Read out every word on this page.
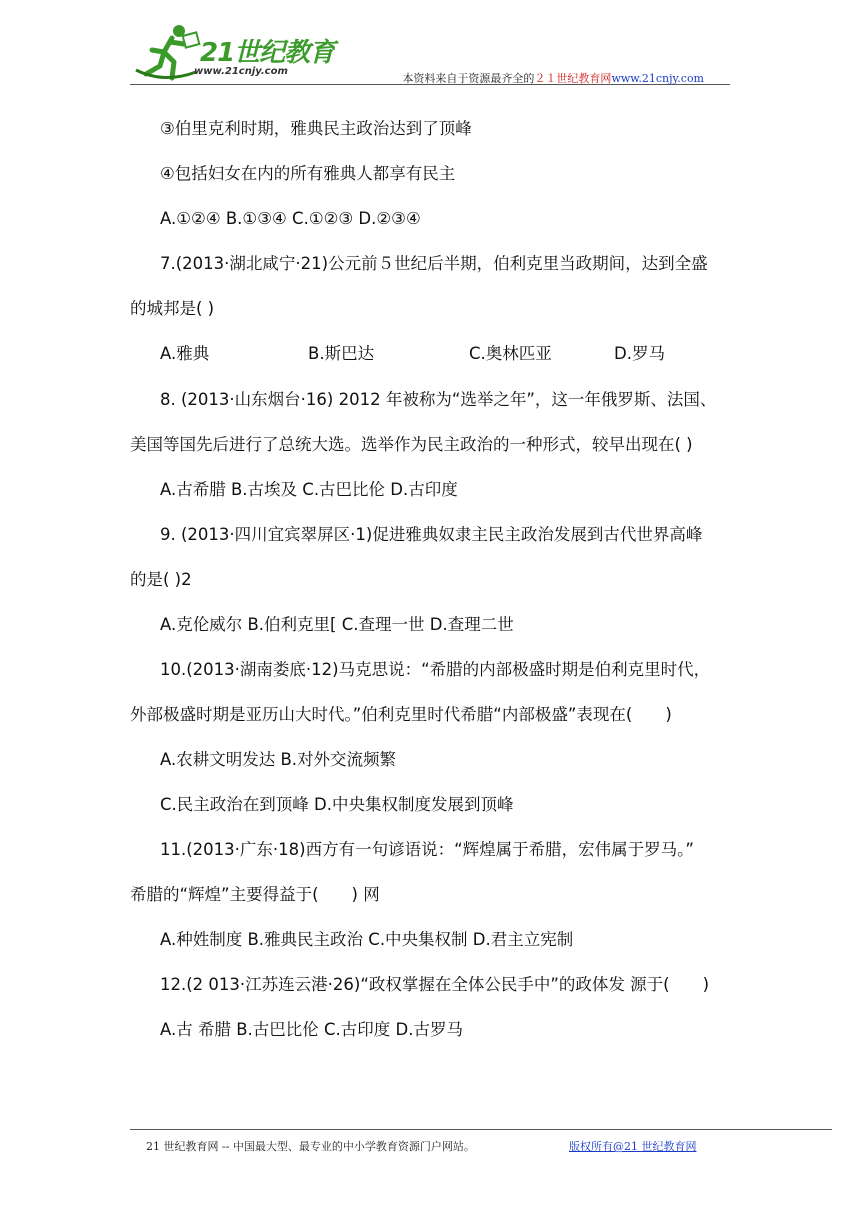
21世纪教育
www.21cnjy.com
本资料来自于资源最齐全的２１世纪教育网www.21cnjy.com
③伯里克利时期，雅典民主政治达到了顶峰
④包括妇女在内的所有雅典人都享有民主
A.①②④ B.①③④ C.①②③ D.②③④
7.(2013·湖北咸宁·21)公元前５世纪后半期，伯利克里当政期间，达到全盛
的城邦是( )
A.雅典	B.斯巴达	C.奥林匹亚	D.罗马
8. (2013·山东烟台·16) 2012 年被称为“选举之年”，这一年俄罗斯、法国、
美国等国先后进行了总统大选。选举作为民主政治的一种形式，较早出现在( )
A.古希腊 B.古埃及 C.古巴比伦 D.古印度
9. (2013·四川宜宾翠屏区·1)促进雅典奴隶主民主政治发展到古代世界高峰
的是( )2
A.克伦威尔 B.伯利克里[ C.查理一世 D.查理二世
10.(2013·湖南娄底·12)马克思说：“希腊的内部极盛时期是伯利克里时代，
外部极盛时期是亚历山大时代。”伯利克里时代希腊“内部极盛”表现在(　　)
A.农耕文明发达 B.对外交流频繁
C.民主政治在到顶峰 D.中央集权制度发展到顶峰
11.(2013·广东·18)西方有一句谚语说：“辉煌属于希腊，宏伟属于罗马。”
希腊的“辉煌”主要得益于(　　) 网
A.种姓制度 B.雅典民主政治 C.中央集权制 D.君主立宪制
12.(2 013·江苏连云港·26)“政权掌握在全体公民手中”的政体发 源于(　　)
A.古 希腊 B.古巴比伦 C.古印度 D.古罗马
21 世纪教育网 -- 中国最大型、最专业的中小学教育资源门户网站。	版权所有@21 世纪教育网
